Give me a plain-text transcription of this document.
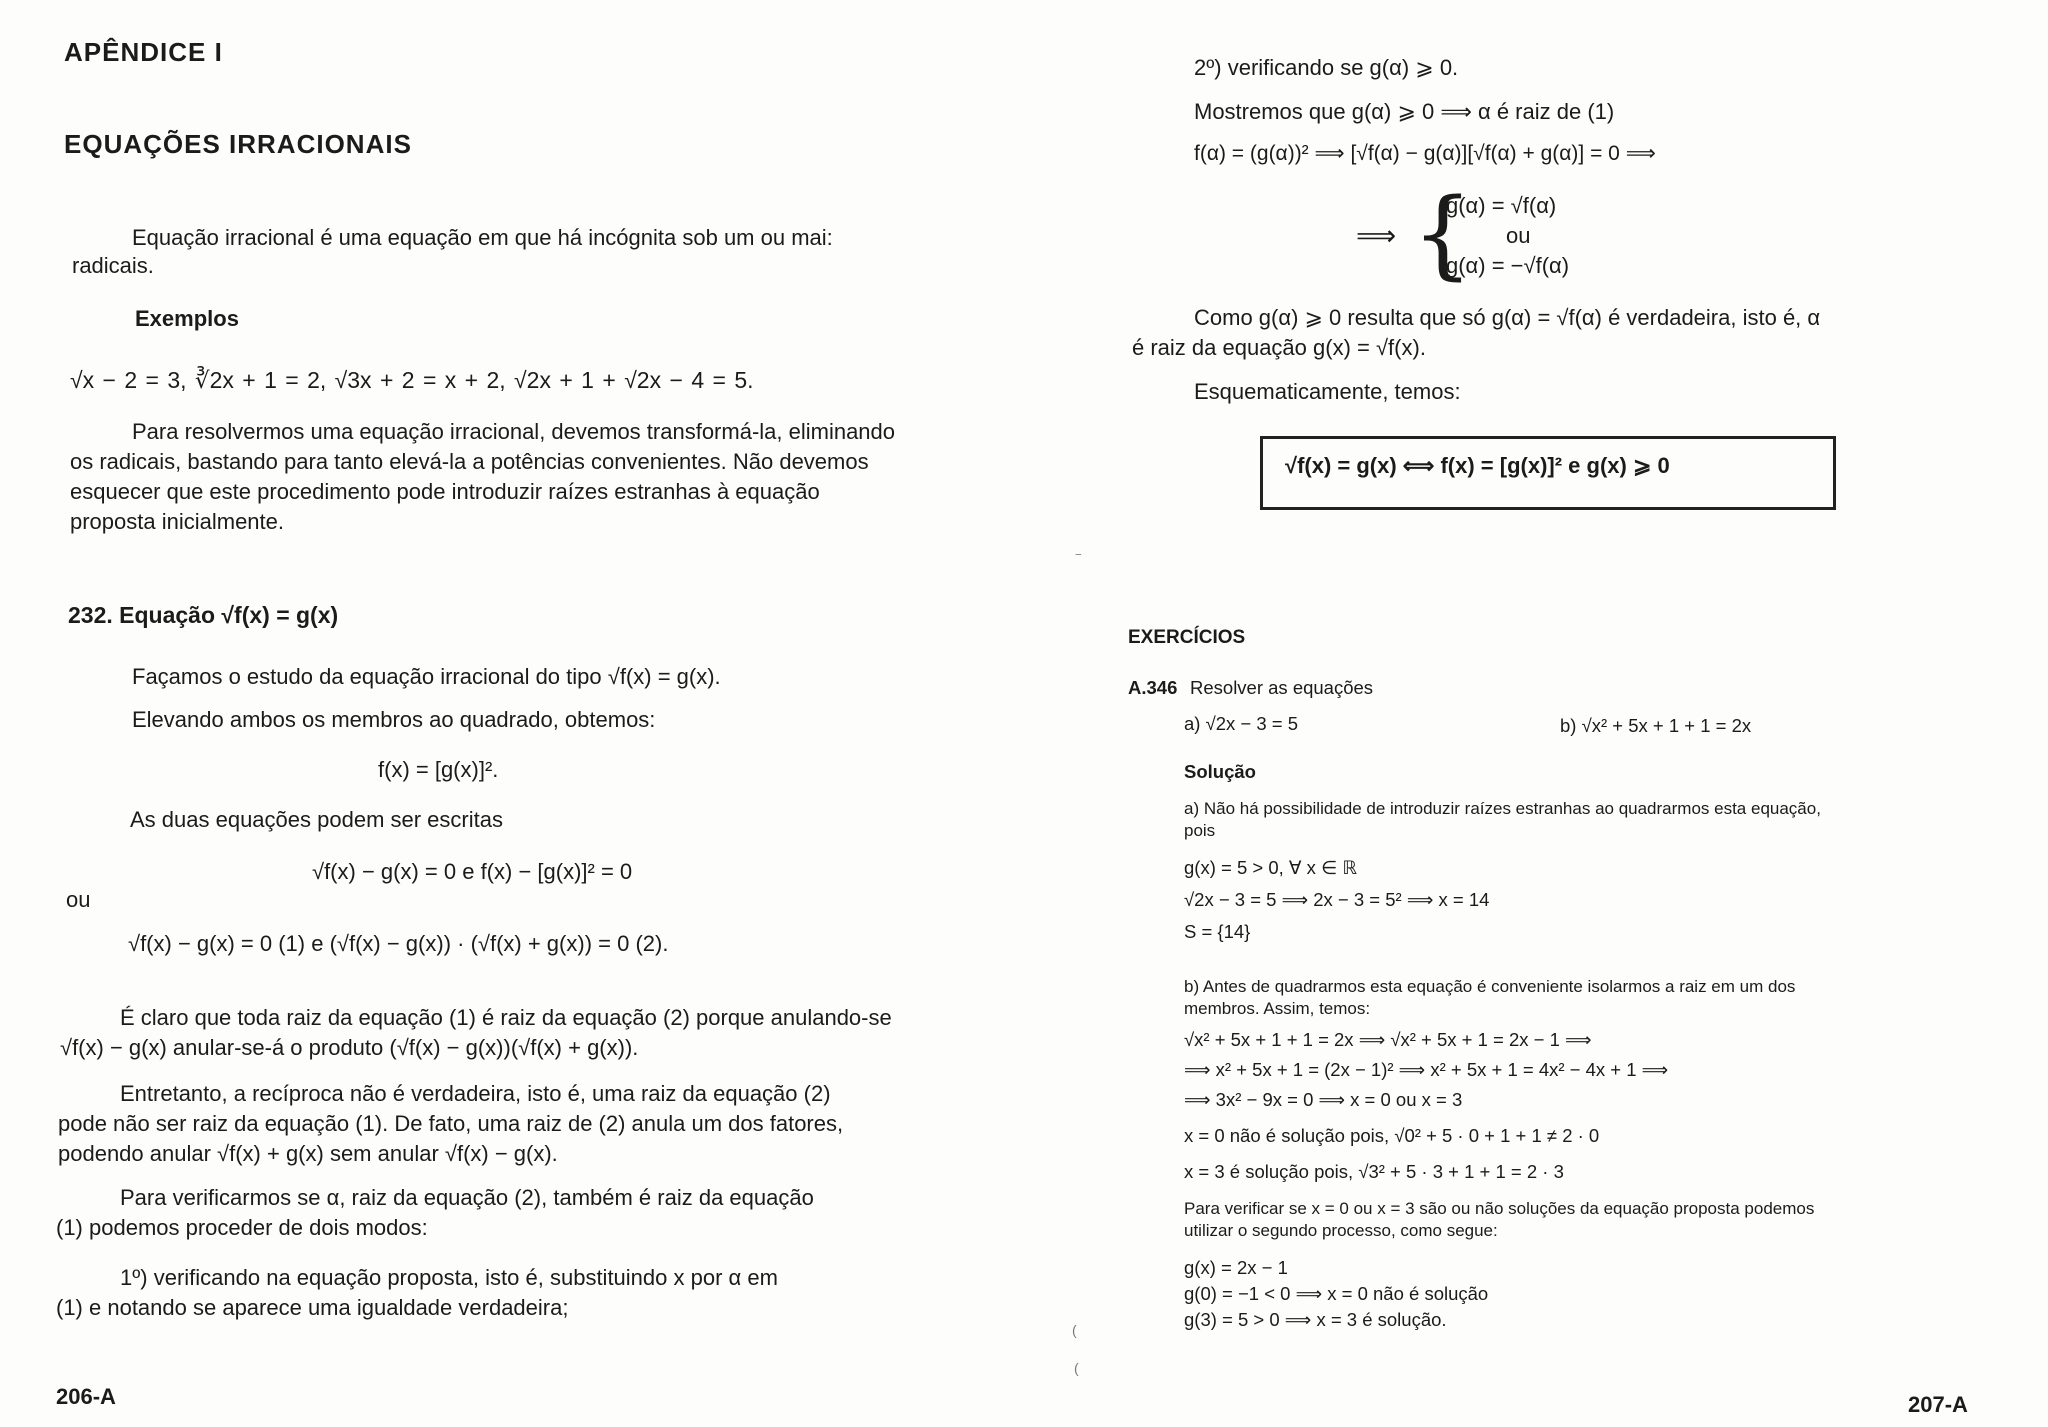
APÊNDICE I
EQUAÇÕES IRRACIONAIS
Equação irracional é uma equação em que há incógnita sob um ou mai:
radicais.
Exemplos
√x − 2 = 3, ∛2x + 1 = 2, √3x + 2 = x + 2, √2x + 1 + √2x − 4 = 5.
Para resolvermos uma equação irracional, devemos transformá-la, eliminando
os radicais, bastando para tanto elevá-la a potências convenientes. Não devemos
esquecer que este procedimento pode introduzir raízes estranhas à equação
proposta inicialmente.
232. Equação √f(x) = g(x)
Façamos o estudo da equação irracional do tipo √f(x) = g(x).
Elevando ambos os membros ao quadrado, obtemos:
f(x) = [g(x)]².
As duas equações podem ser escritas
√f(x) − g(x) = 0 e f(x) − [g(x)]² = 0
ou
√f(x) − g(x) = 0 (1) e (√f(x) − g(x)) · (√f(x) + g(x)) = 0 (2).
É claro que toda raiz da equação (1) é raiz da equação (2) porque anulando-se
√f(x) − g(x) anular-se-á o produto (√f(x) − g(x))(√f(x) + g(x)).
Entretanto, a recíproca não é verdadeira, isto é, uma raiz da equação (2)
pode não ser raiz da equação (1). De fato, uma raiz de (2) anula um dos fatores,
podendo anular √f(x) + g(x) sem anular √f(x) − g(x).
Para verificarmos se α, raiz da equação (2), também é raiz da equação
(1) podemos proceder de dois modos:
1º) verificando na equação proposta, isto é, substituindo x por α em
(1) e notando se aparece uma igualdade verdadeira;
206-A
‾
(
(
2º) verificando se g(α) ⩾ 0.
Mostremos que g(α) ⩾ 0 ⟹ α é raiz de (1)
f(α) = (g(α))² ⟹ [√f(α) − g(α)][√f(α) + g(α)] = 0 ⟹
⟹ {
g(α) = √f(α)
ou
g(α) = −√f(α)
Como g(α) ⩾ 0 resulta que só g(α) = √f(α) é verdadeira, isto é, α
é raiz da equação g(x) = √f(x).
Esquematicamente, temos:
√f(x) = g(x) ⟺ f(x) = [g(x)]² e g(x) ⩾ 0
EXERCÍCIOS
A.346 Resolver as equações
a) √2x − 3 = 5	b) √x² + 5x + 1 + 1 = 2x
Solução
a) Não há possibilidade de introduzir raízes estranhas ao quadrarmos esta equação,
pois
g(x) = 5 > 0, ∀ x ∈ ℝ
√2x − 3 = 5 ⟹ 2x − 3 = 5² ⟹ x = 14
S = {14}
b) Antes de quadrarmos esta equação é conveniente isolarmos a raiz em um dos
membros. Assim, temos:
√x² + 5x + 1 + 1 = 2x ⟹ √x² + 5x + 1 = 2x − 1 ⟹
⟹ x² + 5x + 1 = (2x − 1)² ⟹ x² + 5x + 1 = 4x² − 4x + 1 ⟹
⟹ 3x² − 9x = 0 ⟹ x = 0 ou x = 3
x = 0 não é solução pois, √0² + 5 · 0 + 1 + 1 ≠ 2 · 0
x = 3 é solução pois, √3² + 5 · 3 + 1 + 1 = 2 · 3
Para verificar se x = 0 ou x = 3 são ou não soluções da equação proposta podemos
utilizar o segundo processo, como segue:
g(x) = 2x − 1
g(0) = −1 < 0 ⟹ x = 0 não é solução
g(3) = 5 > 0 ⟹ x = 3 é solução.
207-A
